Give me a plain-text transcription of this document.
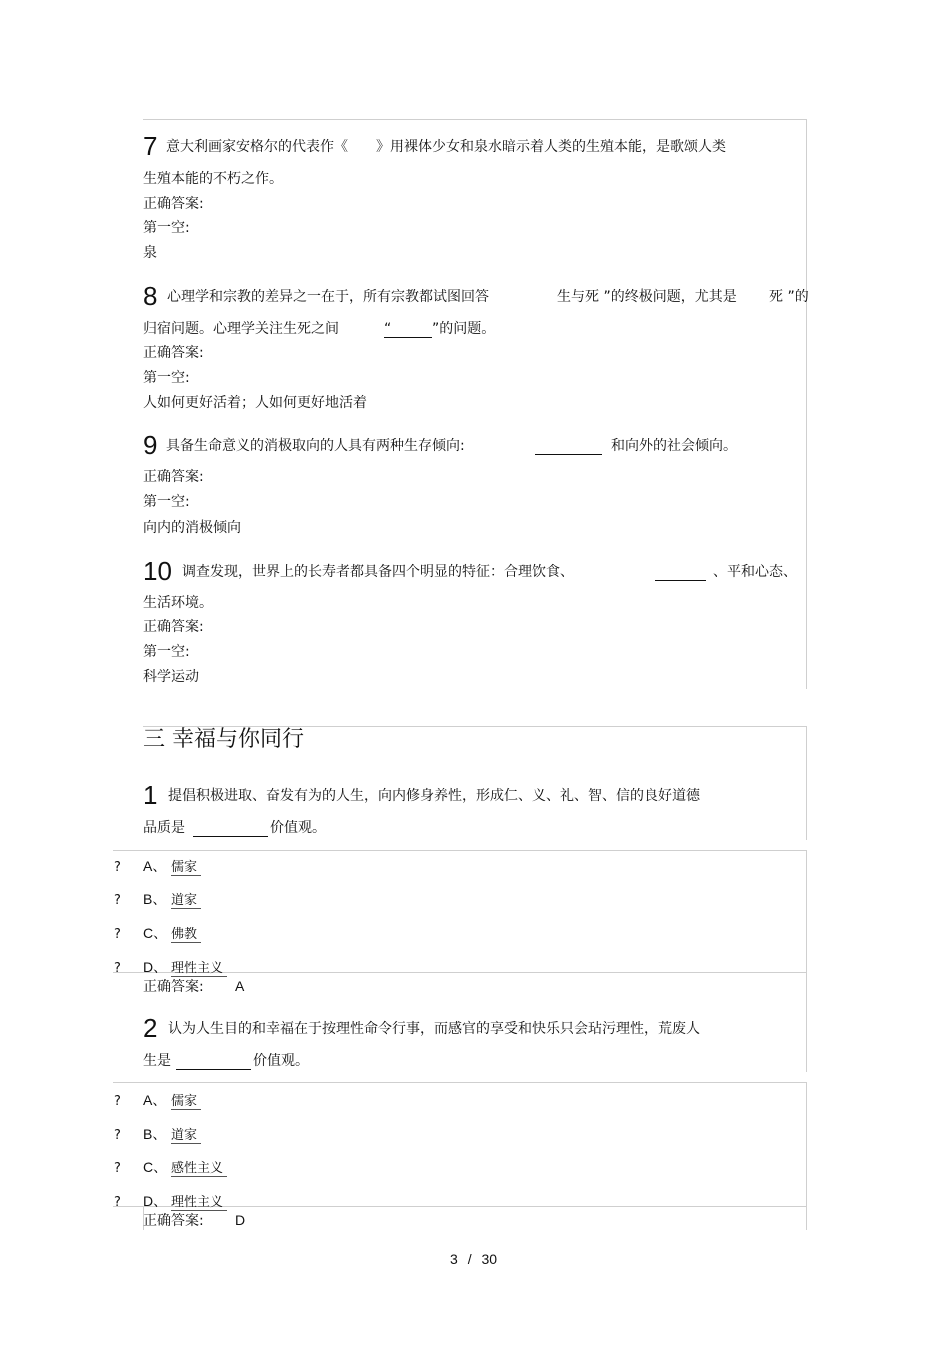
7 意大利画家安格尔的代表作《　　》用裸体少女和泉水暗示着人类的生殖本能，是歌颂人类
生殖本能的不朽之作。
正确答案:
第一空:
泉
8 心理学和宗教的差异之一在于，所有宗教都试图回答	生与死 ”的终极问题，尤其是 死 ”的
归宿问题。心理学关注生死之间	“	”的问题。
正确答案:
第一空:
人如何更好活着；人如何更好地活着
9 具备生命意义的消极取向的人具有两种生存倾向:	和向外的社会倾向。
正确答案:
第一空:
向内的消极倾向
10 调查发现，世界上的长寿者都具备四个明显的特征：合理饮食、	、平和心态、
生活环境。
正确答案:
第一空:
科学运动
三 幸福与你同行
1 提倡积极进取、奋发有为的人生，向内修身养性，形成仁、义、礼、智、信的良好道德
品质是	价值观。
? A、 儒家
? B、 道家
? C、 佛教
? D、 理性主义
正确答案: A
2 认为人生目的和幸福在于按理性命令行事，而感官的享受和快乐只会玷污理性，荒废人
生是	价值观。
? A、 儒家
? B、 道家
? C、 感性主义
? D、 理性主义
正确答案: D
3 / 30
